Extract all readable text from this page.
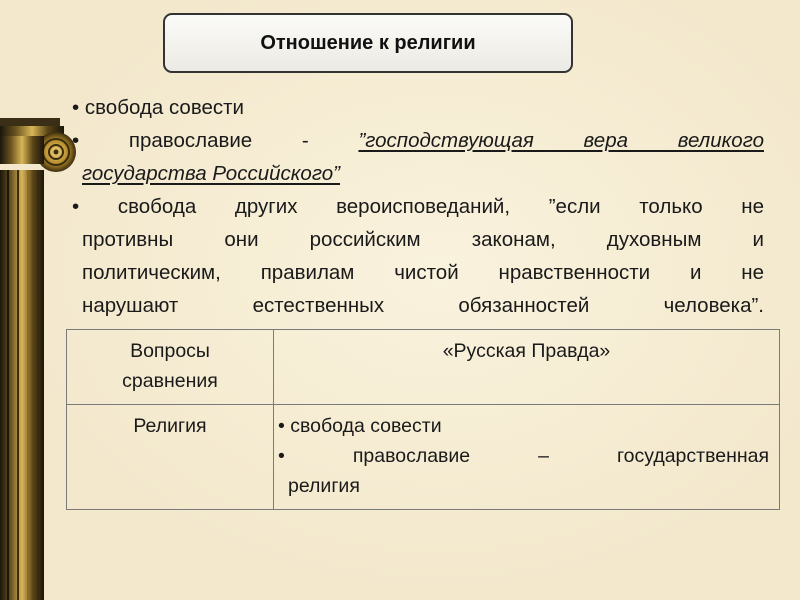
Отношение к религии

• свобода совести

• православие - ”господствующая вера великого
государства Российского”

• свобода других вероисповеданий, ”если только не
противны они российским законам, духовным и
политическим, правилам чистой нравственности и не
нарушают естественных обязанностей человека”.

Вопросы
сравнения	«Русская Правда»
Религия	• свобода совести
• православие – государственная
религия
